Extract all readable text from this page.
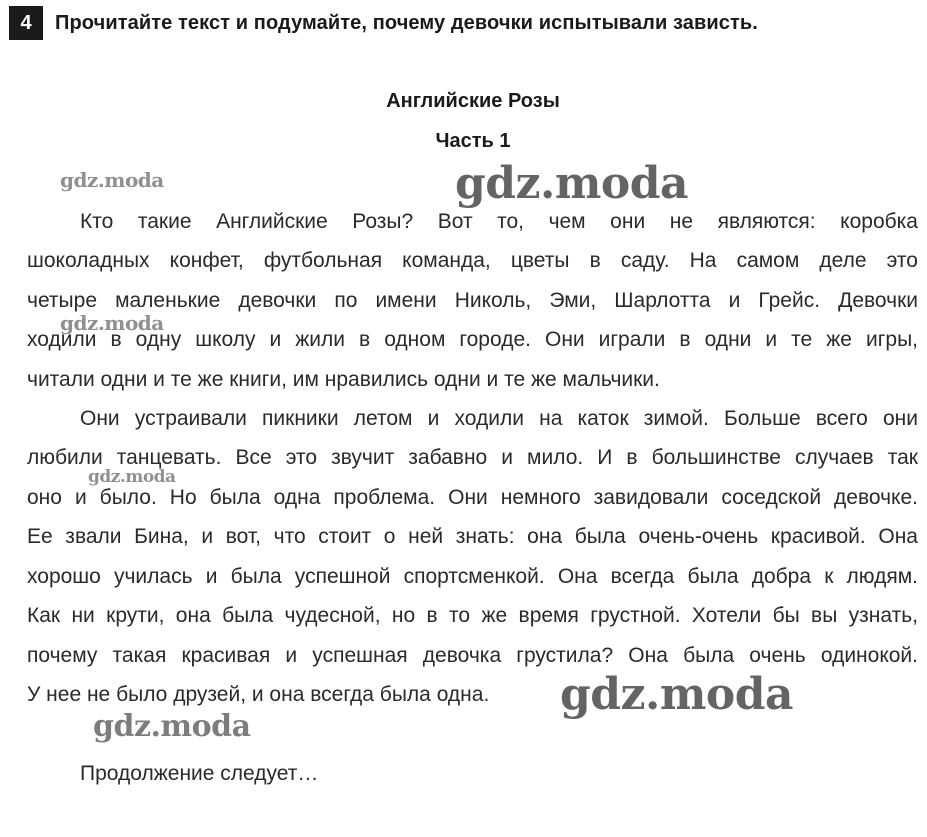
4	Прочитайте текст и подумайте, почему девочки испытывали зависть.
Английские Розы
Часть 1
Кто такие Английские Розы? Вот то, чем они не являются: коробка
шоколадных конфет, футбольная команда, цветы в саду. На самом деле это
четыре маленькие девочки по имени Николь, Эми, Шарлотта и Грейс. Девочки
ходили в одну школу и жили в одном городе. Они играли в одни и те же игры,
читали одни и те же книги, им нравились одни и те же мальчики.
Они устраивали пикники летом и ходили на каток зимой. Больше всего они
любили танцевать. Все это звучит забавно и мило. И в большинстве случаев так
оно и было. Но была одна проблема. Они немного завидовали соседской девочке.
Ее звали Бина, и вот, что стоит о ней знать: она была очень-очень красивой. Она
хорошо училась и была успешной спортсменкой. Она всегда была добра к людям.
Как ни крути, она была чудесной, но в то же время грустной. Хотели бы вы узнать,
почему такая красивая и успешная девочка грустила? Она была очень одинокой.
У нее не было друзей, и она всегда была одна.
Продолжение следует…
gdz.moda	gdz.moda
gdz.moda
gdz.moda
gdz.moda
gdz.moda
